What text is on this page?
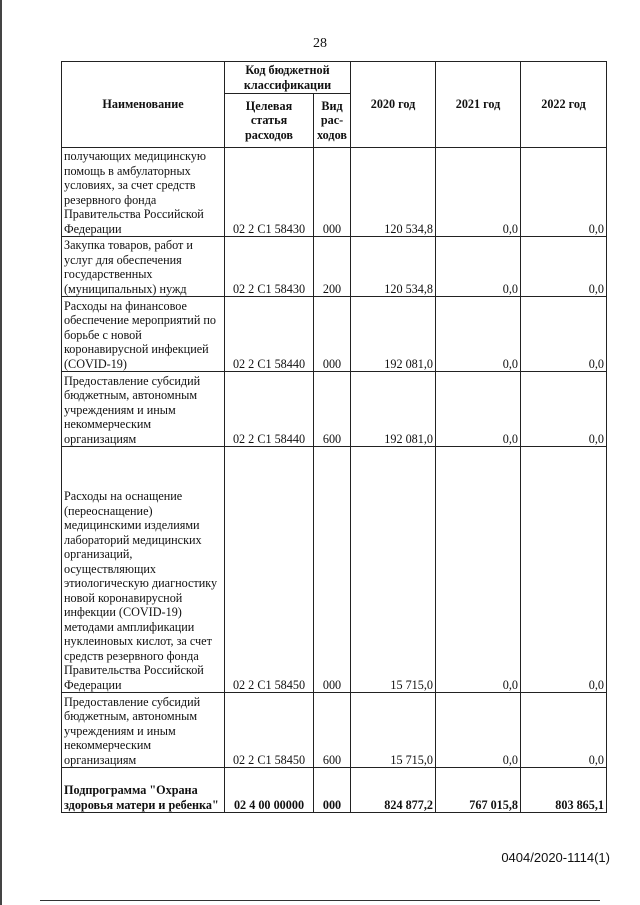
28
Наименование	Код бюджетной классификации		2020 год	2021 год	2022 год
	Целевая статья расходов	Вид рас-ходов			
получающих медицинскую помощь в амбулаторных условиях, за счет средств резервного фонда Правительства Российской Федерации	02 2 С1 58430	000	120 534,8	0,0	0,0
Закупка товаров, работ и услуг для обеспечения государственных (муниципальных) нужд	02 2 С1 58430	200	120 534,8	0,0	0,0
Расходы на финансовое обеспечение мероприятий по борьбе с новой коронавирусной инфекцией (COVID-19)	02 2 С1 58440	000	192 081,0	0,0	0,0
Предоставление субсидий бюджетным, автономным учреждениям и иным некоммерческим организациям	02 2 С1 58440	600	192 081,0	0,0	0,0
Расходы на оснащение (переоснащение) медицинскими изделиями лабораторий медицинских организаций, осуществляющих этиологическую диагностику новой коронавирусной инфекции (COVID-19) методами амплификации нуклеиновых кислот, за счет средств резервного фонда Правительства Российской Федерации	02 2 С1 58450	000	15 715,0	0,0	0,0
Предоставление субсидий бюджетным, автономным учреждениям и иным некоммерческим организациям	02 2 С1 58450	600	15 715,0	0,0	0,0
Подпрограмма "Охрана здоровья матери и ребенка"	02 4 00 00000	000	824 877,2	767 015,8	803 865,1
0404/2020-1114(1)
